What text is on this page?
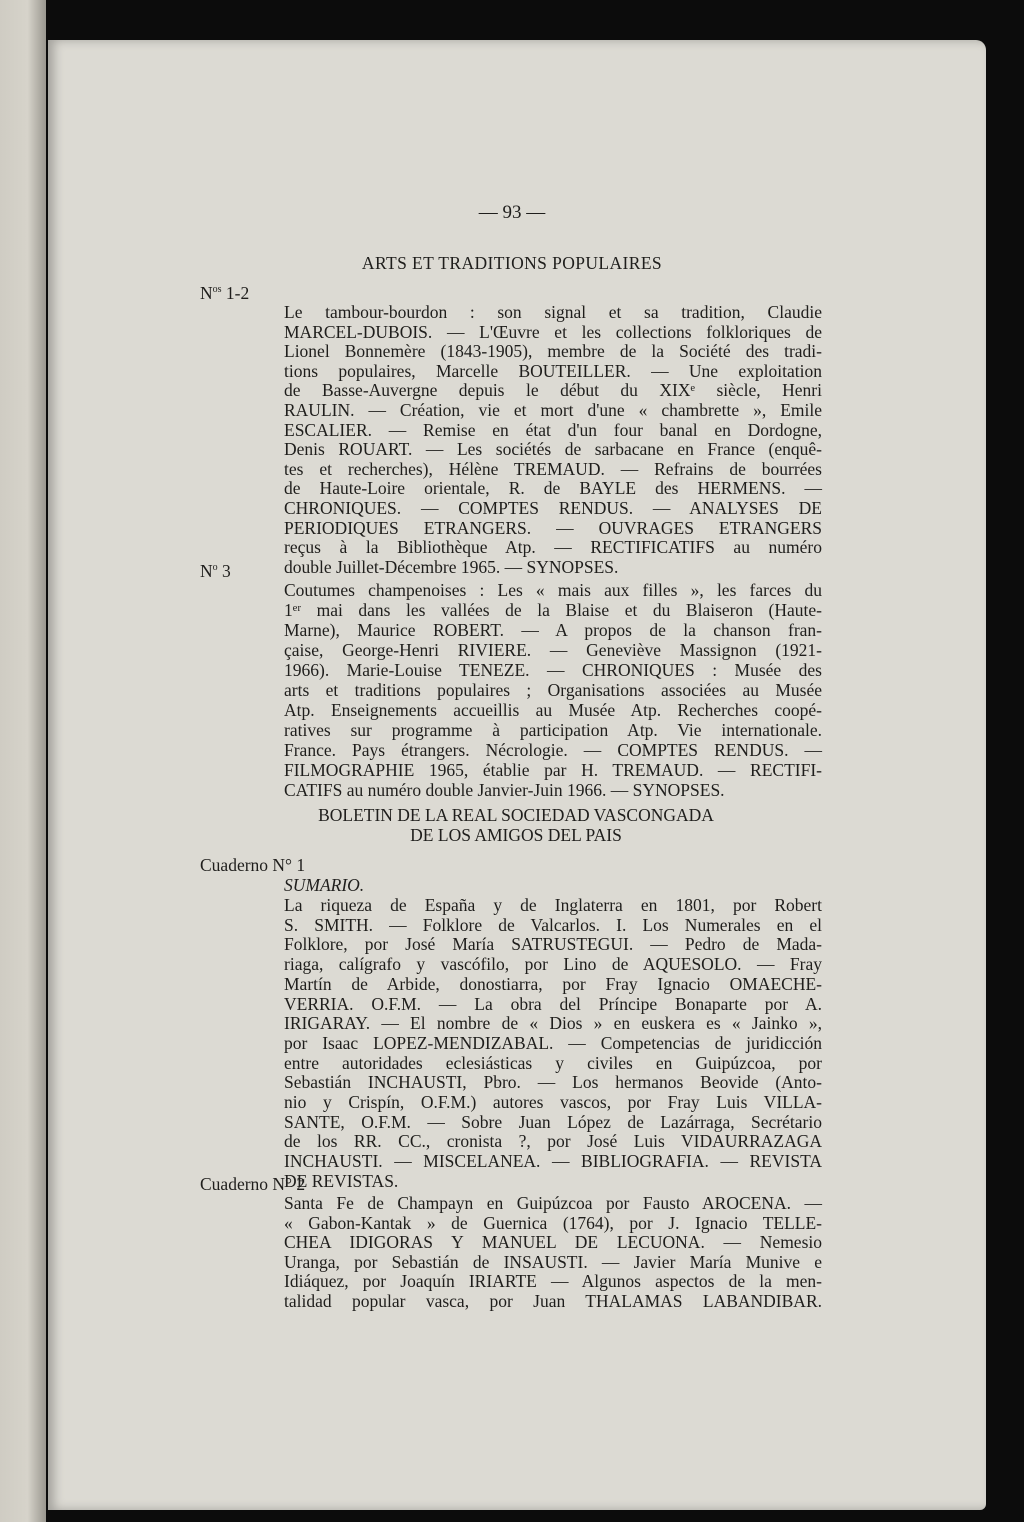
— 93 —
ARTS ET TRADITIONS POPULAIRES
$N^{os}$ 1-2
Le tambour-bourdon : son signal et sa tradition, Claudie
MARCEL-DUBOIS. — L'Œuvre et les collections folkloriques de
Lionel Bonnemère (1843-1905), membre de la Société des tradi-
tions populaires, Marcelle BOUTEILLER. — Une exploitation
de Basse-Auvergne depuis le début du XIXᵉ siècle, Henri
RAULIN. — Création, vie et mort d'une « chambrette », Emile
ESCALIER. — Remise en état d'un four banal en Dordogne,
Denis ROUART. — Les sociétés de sarbacane en France (enquê-
tes et recherches), Hélène TREMAUD. — Refrains de bourrées
de Haute-Loire orientale, R. de BAYLE des HERMENS. —
CHRONIQUES. — COMPTES RENDUS. — ANALYSES DE
PERIODIQUES ETRANGERS. — OUVRAGES ETRANGERS
reçus à la Bibliothèque Atp. — RECTIFICATIFS au numéro
double Juillet-Décembre 1965. — SYNOPSES.
$N^o$ 3
Coutumes champenoises : Les « mais aux filles », les farces du
1ᵉʳ mai dans les vallées de la Blaise et du Blaiseron (Haute-
Marne), Maurice ROBERT. — A propos de la chanson fran-
çaise, George-Henri RIVIERE. — Geneviève Massignon (1921-
1966). Marie-Louise TENEZE. — CHRONIQUES : Musée des
arts et traditions populaires ; Organisations associées au Musée
Atp. Enseignements accueillis au Musée Atp. Recherches coopé-
ratives sur programme à participation Atp. Vie internationale.
France. Pays étrangers. Nécrologie. — COMPTES RENDUS. —
FILMOGRAPHIE 1965, établie par H. TREMAUD. — RECTIFI-
CATIFS au numéro double Janvier-Juin 1966. — SYNOPSES.
BOLETIN DE LA REAL SOCIEDAD VASCONGADA
DE LOS AMIGOS DEL PAIS
Cuaderno N° 1
SUMARIO.
La riqueza de España y de Inglaterra en 1801, por Robert
S. SMITH. — Folklore de Valcarlos. I. Los Numerales en el
Folklore, por José María SATRUSTEGUI. — Pedro de Mada-
riaga, calígrafo y vascófilo, por Lino de AQUESOLO. — Fray
Martín de Arbide, donostiarra, por Fray Ignacio OMAECHE-
VERRIA. O.F.M. — La obra del Príncipe Bonaparte por A.
IRIGARAY. — El nombre de « Dios » en euskera es « Jainko »,
por Isaac LOPEZ-MENDIZABAL. — Competencias de juridicción
entre autoridades eclesiásticas y civiles en Guipúzcoa, por
Sebastián INCHAUSTI, Pbro. — Los hermanos Beovide (Anto-
nio y Crispín, O.F.M.) autores vascos, por Fray Luis VILLA-
SANTE, O.F.M. — Sobre Juan López de Lazárraga, Secrétario
de los RR. CC., cronista ?, por José Luis VIDAURRAZAGA
INCHAUSTI. — MISCELANEA. — BIBLIOGRAFIA. — REVISTA
DE REVISTAS.
Cuaderno N° 2
Santa Fe de Champayn en Guipúzcoa por Fausto AROCENA. —
« Gabon-Kantak » de Guernica (1764), por J. Ignacio TELLE-
CHEA IDIGORAS Y MANUEL DE LECUONA. — Nemesio
Uranga, por Sebastián de INSAUSTI. — Javier María Munive e
Idiáquez, por Joaquín IRIARTE — Algunos aspectos de la men-
talidad popular vasca, por Juan THALAMAS LABANDIBAR.
